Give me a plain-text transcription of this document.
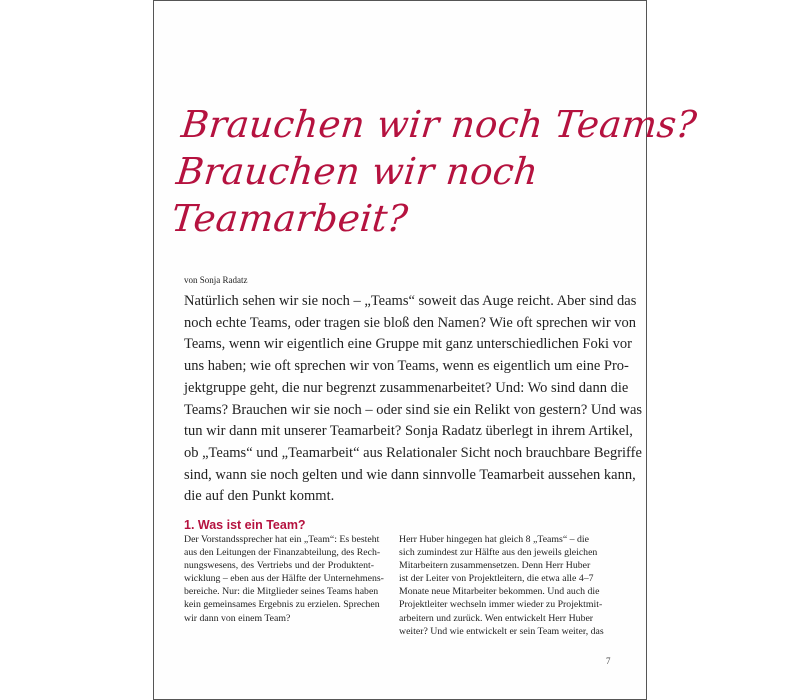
Brauchen wir noch Teams?
Brauchen wir noch
Teamarbeit?
von Sonja Radatz

Natürlich sehen wir sie noch – „Teams“ soweit das Auge reicht. Aber sind das
noch echte Teams, oder tragen sie bloß den Namen? Wie oft sprechen wir von
Teams, wenn wir eigentlich eine Gruppe mit ganz unterschiedlichen Foki vor
uns haben; wie oft sprechen wir von Teams, wenn es eigentlich um eine Pro-
jektgruppe geht, die nur begrenzt zusammenarbeitet? Und: Wo sind dann die
Teams? Brauchen wir sie noch – oder sind sie ein Relikt von gestern? Und was
tun wir dann mit unserer Teamarbeit? Sonja Radatz überlegt in ihrem Artikel,
ob „Teams“ und „Teamarbeit“ aus Relationaler Sicht noch brauchbare Begriffe
sind, wann sie noch gelten und wie dann sinnvolle Teamarbeit aussehen kann,
die auf den Punkt kommt.

1. Was ist ein Team?
Der Vorstandssprecher hat ein „Team“: Es besteht
aus den Leitungen der Finanzabteilung, des Rech-
nungswesens, des Vertriebs und der Produktent-
wicklung – eben aus der Hälfte der Unternehmens-
bereiche. Nur: die Mitglieder seines Teams haben
kein gemeinsames Ergebnis zu erzielen. Sprechen
wir dann von einem Team?
Herr Huber hingegen hat gleich 8 „Teams“ – die
sich zumindest zur Hälfte aus den jeweils gleichen
Mitarbeitern zusammensetzen. Denn Herr Huber
ist der Leiter von Projektleitern, die etwa alle 4–7
Monate neue Mitarbeiter bekommen. Und auch die
Projektleiter wechseln immer wieder zu Projektmit-
arbeitern und zurück. Wen entwickelt Herr Huber
weiter? Und wie entwickelt er sein Team weiter, das
7
